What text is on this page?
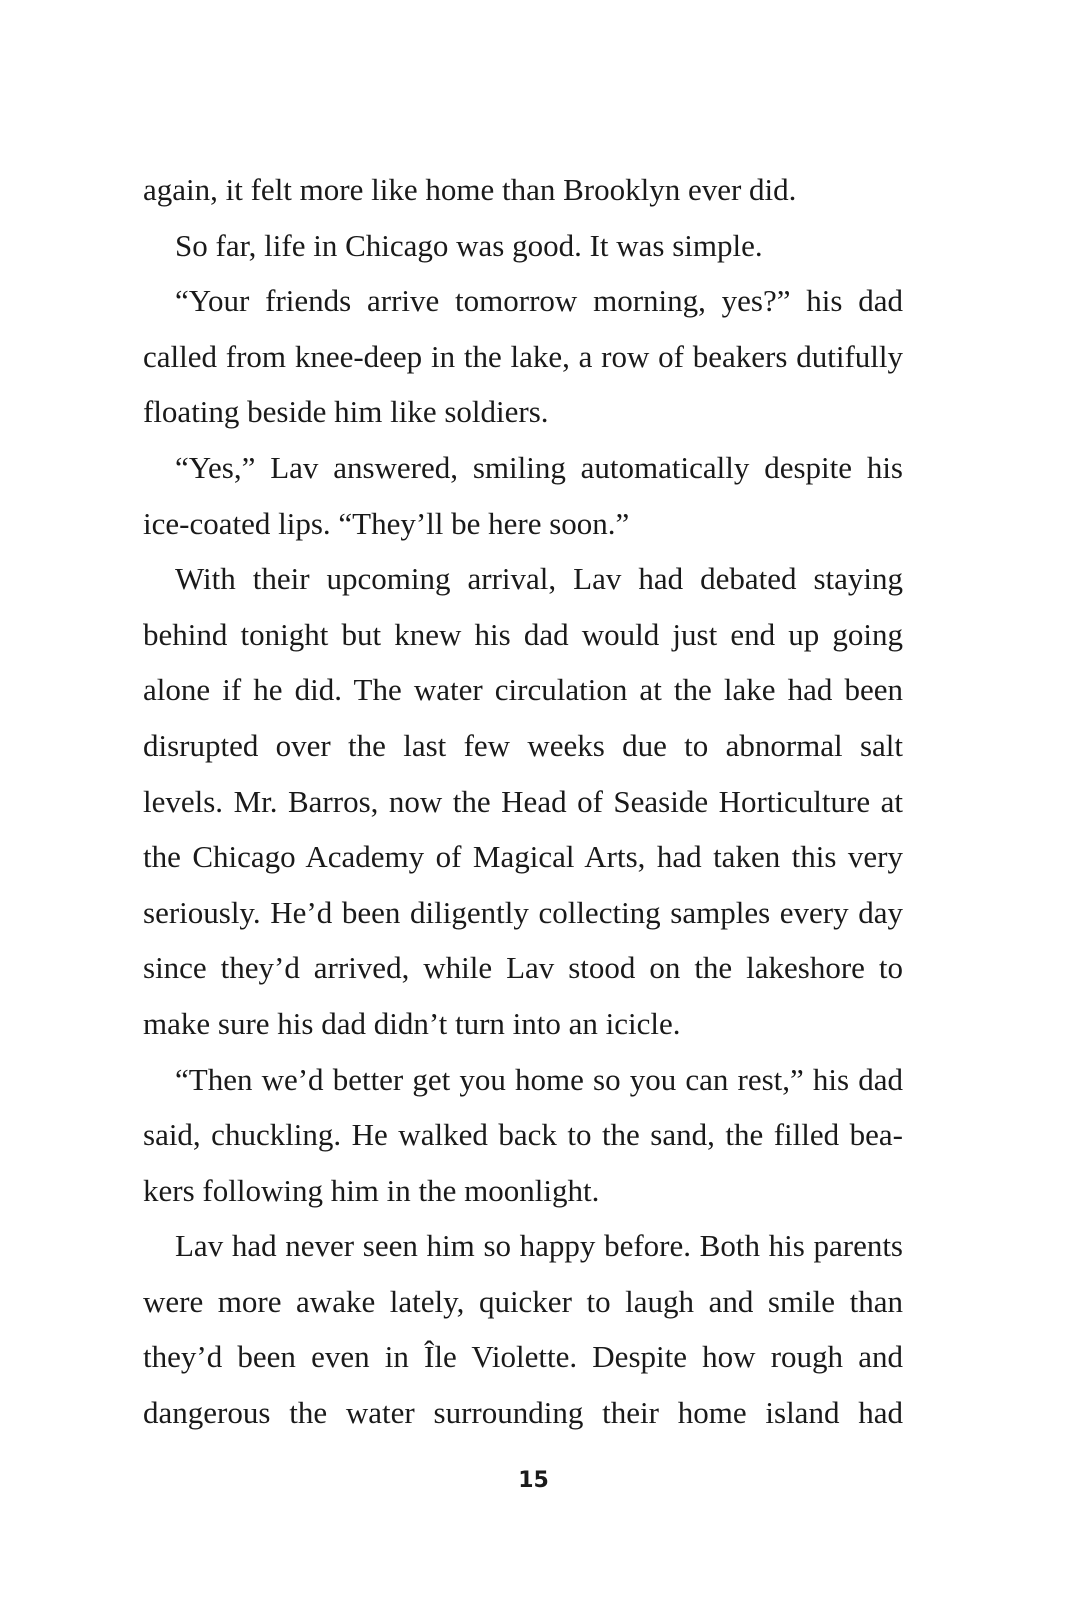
again, it felt more like home than Brooklyn ever did.

So far, life in Chicago was good. It was simple.

“Your friends arrive tomorrow morning, yes?” his dad called from knee-deep in the lake, a row of beakers dutifully floating beside him like soldiers.

“Yes,” Lav answered, smiling automatically despite his ice-coated lips. “They’ll be here soon.”

With their upcoming arrival, Lav had debated staying behind tonight but knew his dad would just end up going alone if he did. The water circulation at the lake had been disrupted over the last few weeks due to abnormal salt levels. Mr. Barros, now the Head of Seaside Horticulture at the Chicago Academy of Magical Arts, had taken this very seriously. He’d been diligently collecting samples every day since they’d arrived, while Lav stood on the lakeshore to make sure his dad didn’t turn into an icicle.

“Then we’d better get you home so you can rest,” his dad said, chuckling. He walked back to the sand, the filled beakers following him in the moonlight.

Lav had never seen him so happy before. Both his parents were more awake lately, quicker to laugh and smile than they’d been even in Île Violette. Despite how rough and dangerous the water surrounding their home island had

15
